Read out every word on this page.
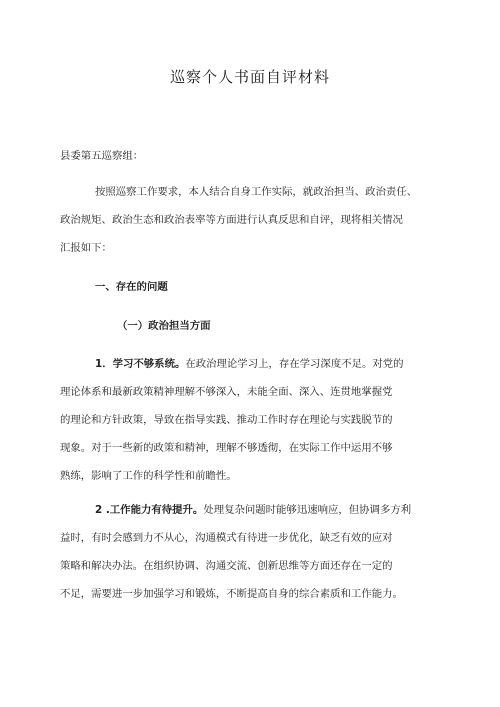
巡察个人书面自评材料
县委第五巡察组：
按照巡察工作要求，本人结合自身工作实际，就政治担当、政治责任、
政治规矩、政治生态和政治表率等方面进行认真反思和自评，现将相关情况
汇报如下：
一、存在的问题
（一）政治担当方面
1．学习不够系统。在政治理论学习上，存在学习深度不足。对党的
理论体系和最新政策精神理解不够深入，未能全面、深入、连贯地掌握党
的理论和方针政策，导致在指导实践、推动工作时存在理论与实践脱节的
现象。对于一些新的政策和精神，理解不够透彻，在实际工作中运用不够
熟练，影响了工作的科学性和前瞻性。
2 .工作能力有待提升。处理复杂问题时能够迅速响应，但协调多方利
益时，有时会感到力不从心，沟通模式有待进一步优化，缺乏有效的应对
策略和解决办法。在组织协调、沟通交流、创新思维等方面还存在一定的
不足，需要进一步加强学习和锻炼，不断提高自身的综合素质和工作能力。
